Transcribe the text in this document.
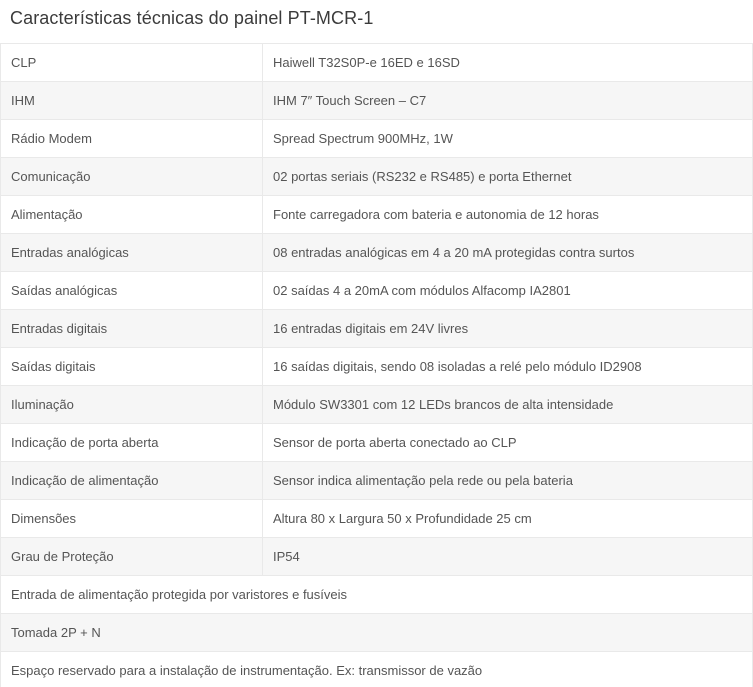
Características técnicas do painel PT-MCR-1
CLP	Haiwell T32S0P-e 16ED e 16SD
IHM	IHM 7″ Touch Screen – C7
Rádio Modem	Spread Spectrum 900MHz, 1W
Comunicação	02 portas seriais (RS232 e RS485) e porta Ethernet
Alimentação	Fonte carregadora com bateria e autonomia de 12 horas
Entradas analógicas	08 entradas analógicas em 4 a 20 mA protegidas contra surtos
Saídas analógicas	02 saídas 4 a 20mA com módulos Alfacomp IA2801
Entradas digitais	16 entradas digitais em 24V livres
Saídas digitais	16 saídas digitais, sendo 08 isoladas a relé pelo módulo ID2908
Iluminação	Módulo SW3301 com 12 LEDs brancos de alta intensidade
Indicação de porta aberta	Sensor de porta aberta conectado ao CLP
Indicação de alimentação	Sensor indica alimentação pela rede ou pela bateria
Dimensões	Altura 80 x Largura 50 x Profundidade 25 cm
Grau de Proteção	IP54
Entrada de alimentação protegida por varistores e fusíveis	
Tomada 2P + N	
Espaço reservado para a instalação de instrumentação. Ex: transmissor de vazão	
